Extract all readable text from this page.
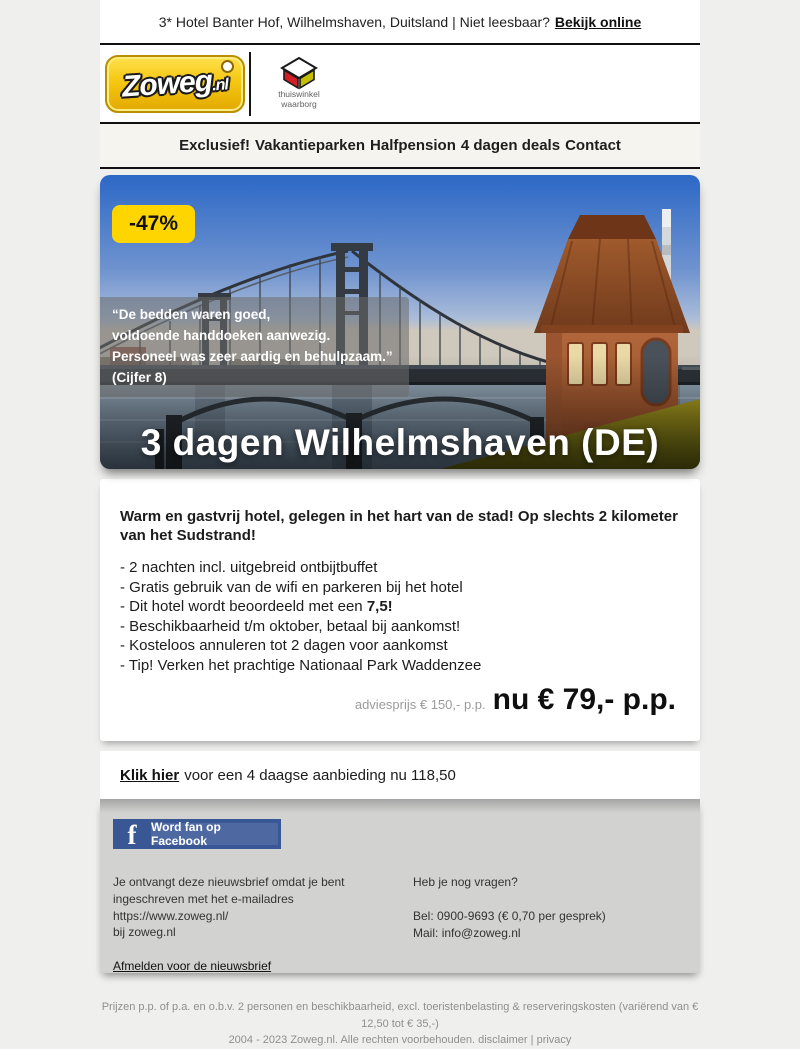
3* Hotel Banter Hof, Wilhelmshaven, Duitsland | Niet leesbaar? Bekijk online
Zoweg.nl
thuiswinkel
waarborg
Exclusief! Vakantieparken Halfpension 4 dagen deals Contact
-47%
“De bedden waren goed,
voldoende handdoeken aanwezig.
Personeel was zeer aardig en behulpzaam.”
(Cijfer 8)
3 dagen Wilhelmshaven (DE)
Warm en gastvrij hotel, gelegen in het hart van de stad! Op slechts 2 kilometer van het Sudstrand!
- 2 nachten incl. uitgebreid ontbijtbuffet
- Gratis gebruik van de wifi en parkeren bij het hotel
- Dit hotel wordt beoordeeld met een 7,5!
- Beschikbaarheid t/m oktober, betaal bij aankomst!
- Kosteloos annuleren tot 2 dagen voor aankomst
- Tip! Verken het prachtige Nationaal Park Waddenzee
adviesprijs € 150,- p.p. nu € 79,- p.p.
Klik hier voor een 4 daagse aanbieding nu 118,50
f	Word fan op Facebook
Je ontvangt deze nieuwsbrief omdat je bent
ingeschreven met het e-mailadres https://www.zoweg.nl/
bij zoweg.nl
Afmelden voor de nieuwsbrief
Heb je nog vragen?
Bel: 0900-9693 (€ 0,70 per gesprek)
Mail: info@zoweg.nl
Prijzen p.p. of p.a. en o.b.v. 2 personen en beschikbaarheid, excl. toeristenbelasting & reserveringskosten (variërend van € 12,50 tot € 35,-)
2004 - 2023 Zoweg.nl. Alle rechten voorbehouden. disclaimer | privacy
